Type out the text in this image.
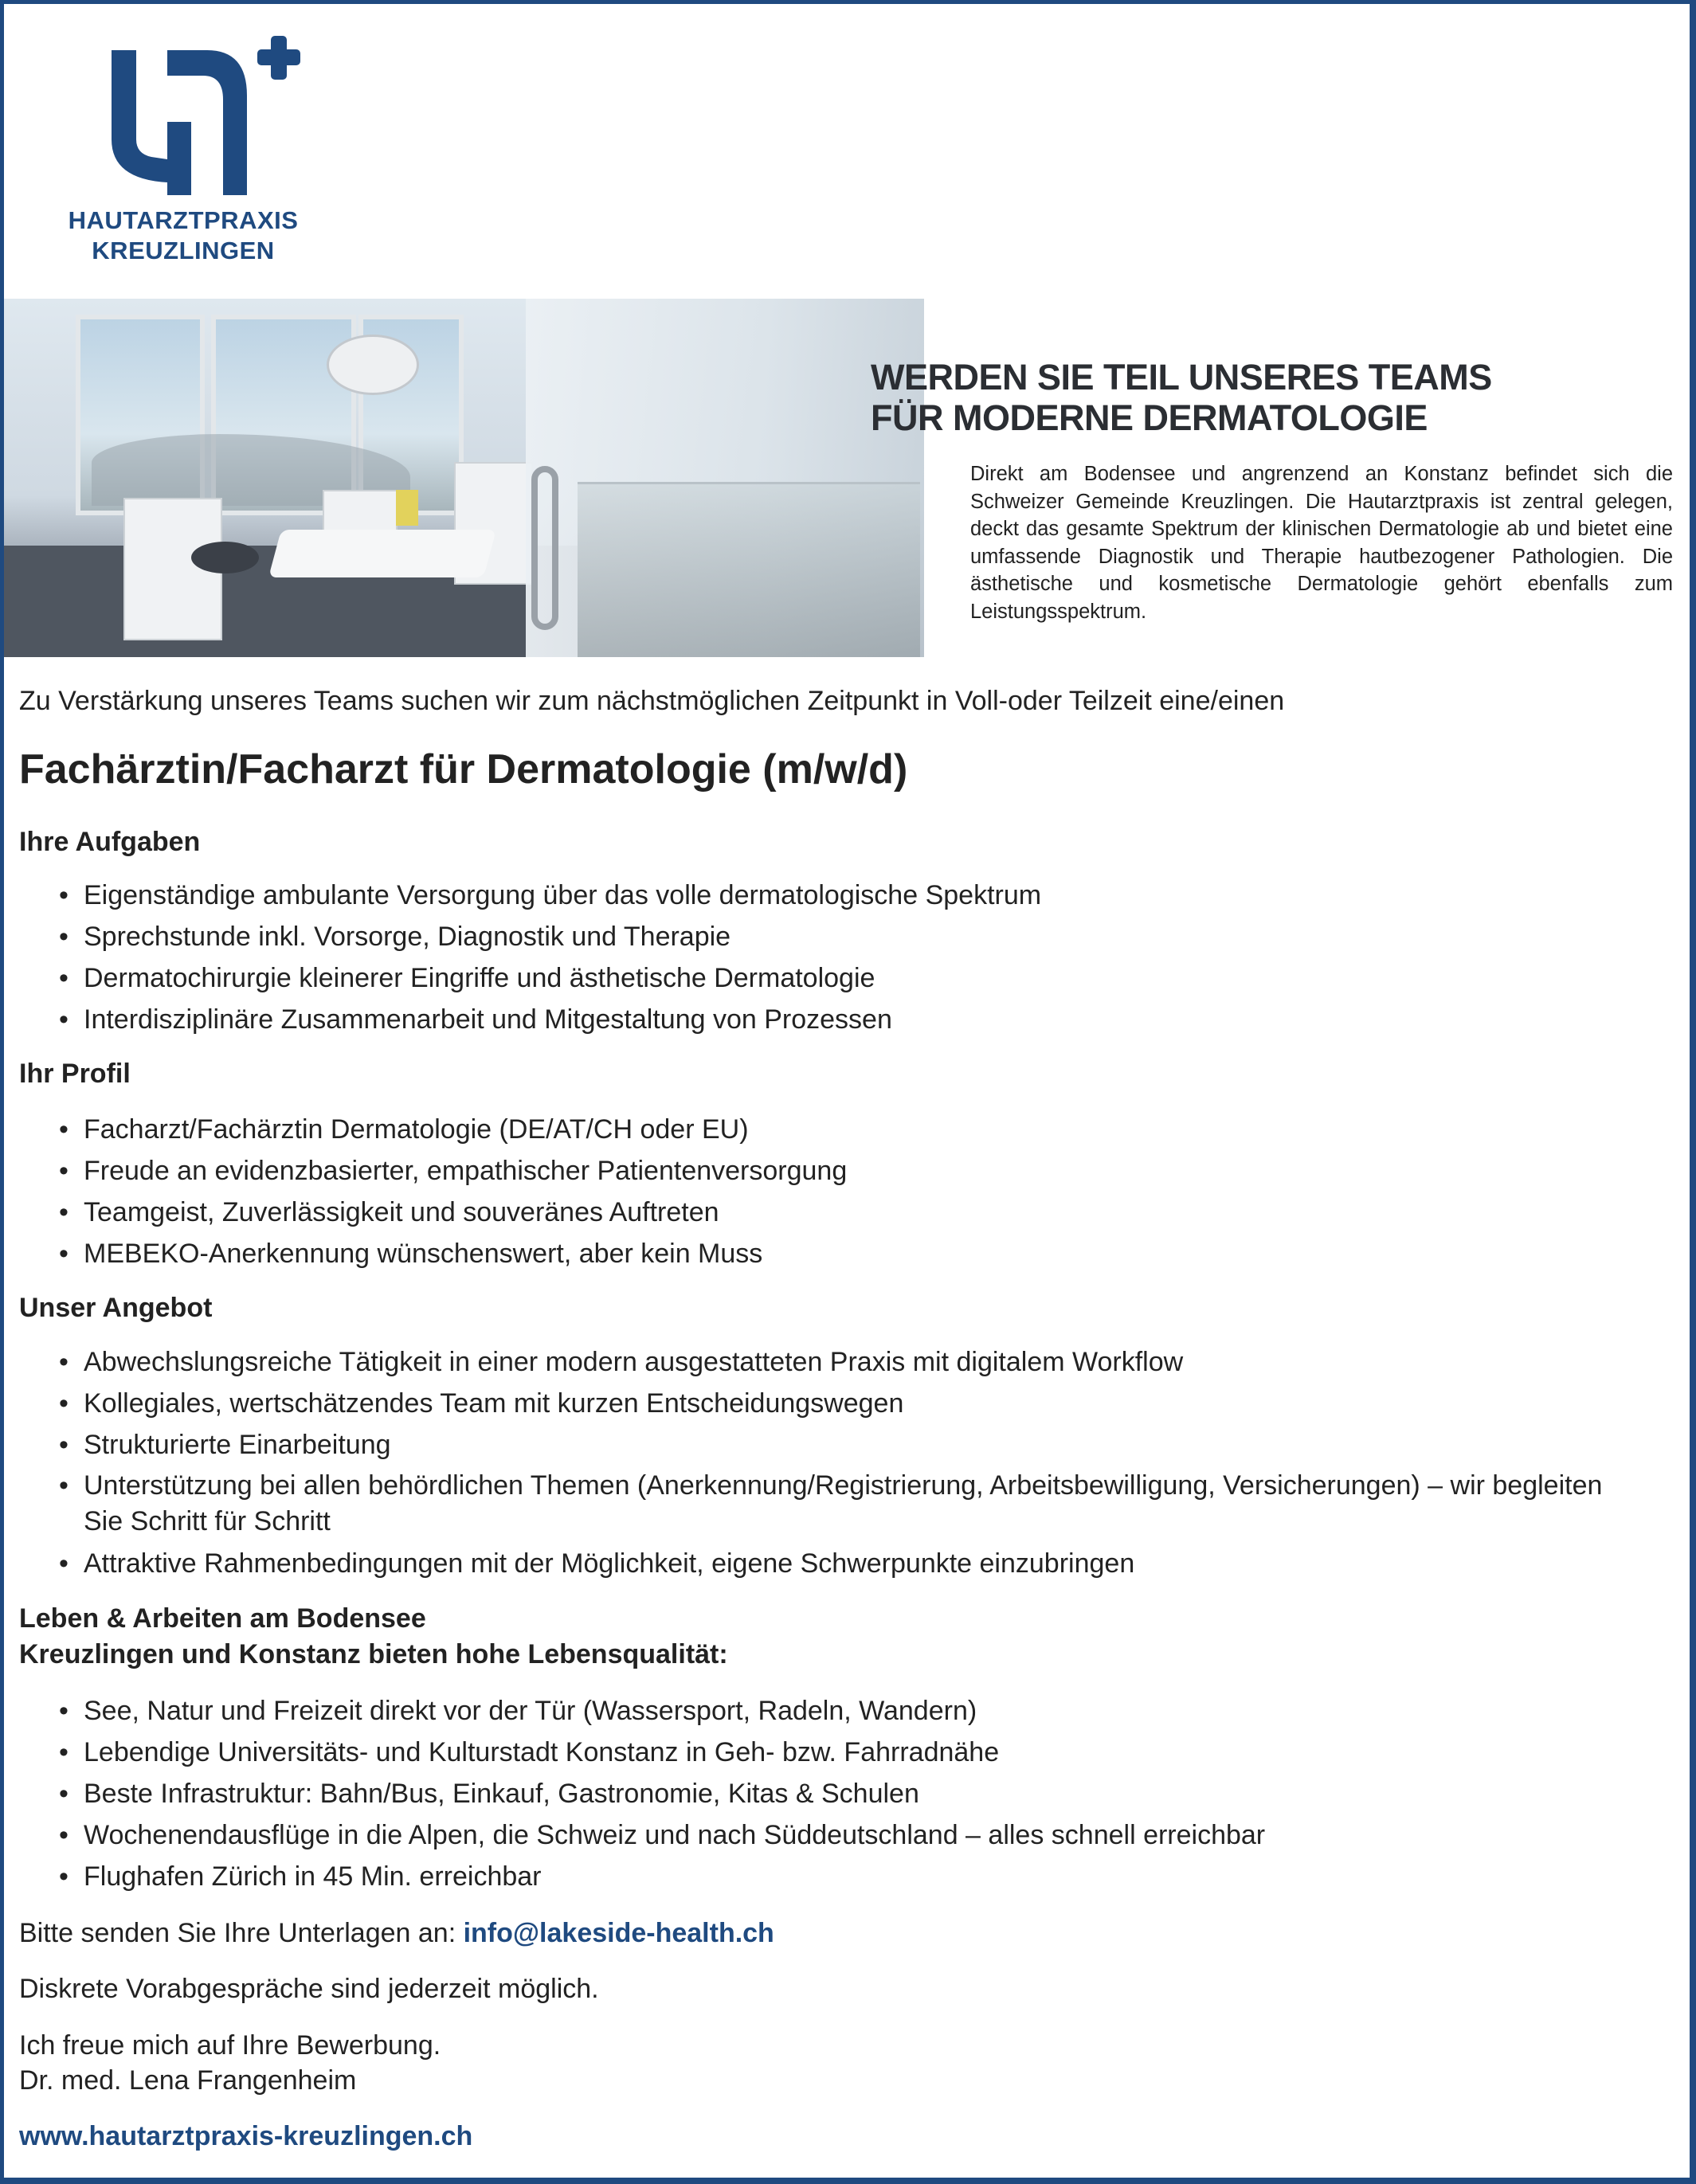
HAUTARZTPRAXIS
KREUZLINGEN
WERDEN SIE TEIL UNSERES TEAMS
FÜR MODERNE DERMATOLOGIE
Direkt am Bodensee und angrenzend an Konstanz befindet sich die Schweizer Gemeinde Kreuzlingen. Die Hautarztpraxis ist zentral gelegen, deckt das gesamte Spektrum der klinischen Dermatologie ab und bietet eine umfassende Diagnostik und Therapie hautbezogener Pathologien. Die ästhetische und kosmetische Dermatologie gehört ebenfalls zum Leistungsspektrum.
Zu Verstärkung unseres Teams suchen wir zum nächstmöglichen Zeitpunkt in Voll-oder Teilzeit eine/einen
Fachärztin/Facharzt für Dermatologie (m/w/d)
Ihre Aufgaben
• Eigenständige ambulante Versorgung über das volle dermatologische Spektrum
• Sprechstunde inkl. Vorsorge, Diagnostik und Therapie
• Dermatochirurgie kleinerer Eingriffe und ästhetische Dermatologie
• Interdisziplinäre Zusammenarbeit und Mitgestaltung von Prozessen
Ihr Profil
• Facharzt/Fachärztin Dermatologie (DE/AT/CH oder EU)
• Freude an evidenzbasierter, empathischer Patientenversorgung
• Teamgeist, Zuverlässigkeit und souveränes Auftreten
• MEBEKO-Anerkennung wünschenswert, aber kein Muss
Unser Angebot
• Abwechslungsreiche Tätigkeit in einer modern ausgestatteten Praxis mit digitalem Workflow
• Kollegiales, wertschätzendes Team mit kurzen Entscheidungswegen
• Strukturierte Einarbeitung
• Unterstützung bei allen behördlichen Themen (Anerkennung/Registrierung, Arbeitsbewilligung, Versicherungen) – wir begleiten Sie Schritt für Schritt
• Attraktive Rahmenbedingungen mit der Möglichkeit, eigene Schwerpunkte einzubringen
Leben & Arbeiten am Bodensee
Kreuzlingen und Konstanz bieten hohe Lebensqualität:
• See, Natur und Freizeit direkt vor der Tür (Wassersport, Radeln, Wandern)
• Lebendige Universitäts- und Kulturstadt Konstanz in Geh- bzw. Fahrradnähe
• Beste Infrastruktur: Bahn/Bus, Einkauf, Gastronomie, Kitas & Schulen
• Wochenendausflüge in die Alpen, die Schweiz und nach Süddeutschland – alles schnell erreichbar
• Flughafen Zürich in 45 Min. erreichbar
Bitte senden Sie Ihre Unterlagen an: info@lakeside-health.ch
Diskrete Vorabgespräche sind jederzeit möglich.
Ich freue mich auf Ihre Bewerbung.
Dr. med. Lena Frangenheim
www.hautarztpraxis-kreuzlingen.ch
